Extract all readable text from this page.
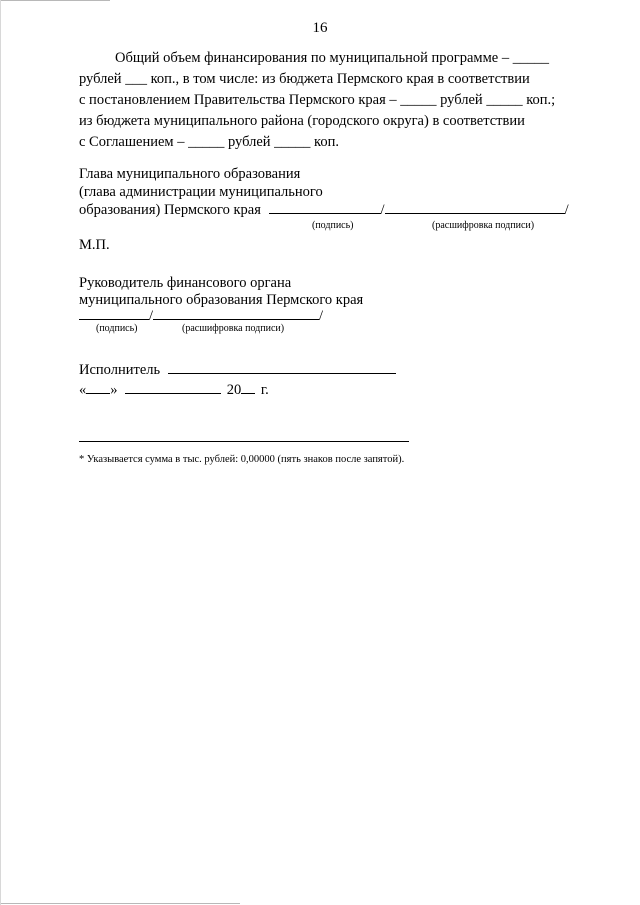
16
Общий объем финансирования по муниципальной программе – _____
рублей ___ коп., в том числе: из бюджета Пермского края в соответствии
с постановлением Правительства Пермского края – _____ рублей _____ коп.;
из бюджета муниципального района (городского округа) в соответствии
с Соглашением – _____ рублей _____ коп.
Глава муниципального образования
(глава администрации муниципального
образования) Пермского края	/	/
(подпись)	(расшифровка подписи)
М.П.
Руководитель финансового органа
муниципального образования Пермского края
/	/
(подпись)	(расшифровка подписи)
Исполнитель
« »	20 г.
* Указывается сумма в тыс. рублей: 0,00000 (пять знаков после запятой).
